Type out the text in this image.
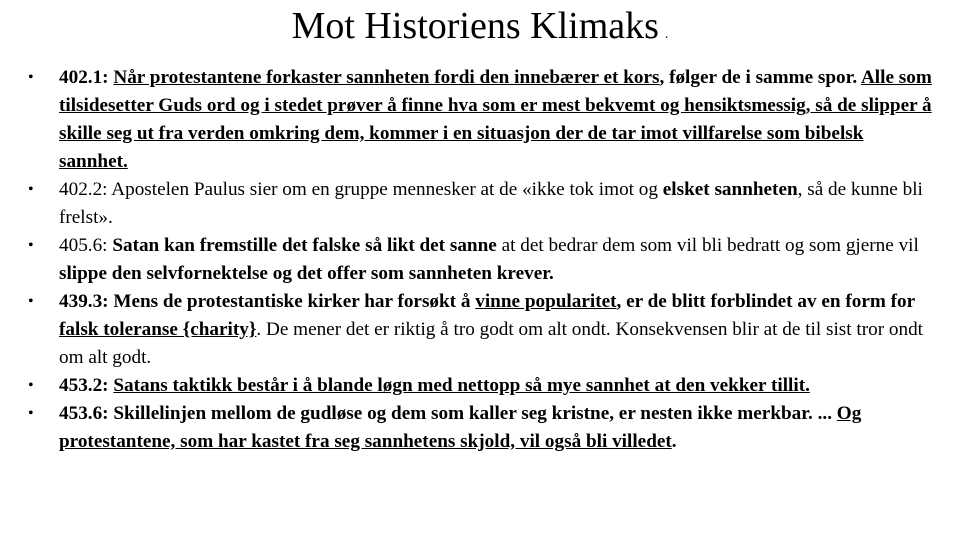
Mot Historiens Klimaks .
• 402.1: Når protestantene forkaster sannheten fordi den innebærer et kors, følger de i samme spor. Alle som tilsidesetter Guds ord og i stedet prøver å finne hva som er mest bekvemt og hensiktsmessig, så de slipper å skille seg ut fra verden omkring dem, kommer i en situasjon der de tar imot villfarelse som bibelsk sannhet.
• 402.2: Apostelen Paulus sier om en gruppe mennesker at de «ikke tok imot og elsket sannheten, så de kunne bli frelst».
• 405.6: Satan kan fremstille det falske så likt det sanne at det bedrar dem som vil bli bedratt og som gjerne vil slippe den selvfornektelse og det offer som sannheten krever.
• 439.3: Mens de protestantiske kirker har forsøkt å vinne popularitet, er de blitt forblindet av en form for falsk toleranse {charity}. De mener det er riktig å tro godt om alt ondt. Konsekvensen blir at de til sist tror ondt om alt godt.
• 453.2: Satans taktikk består i å blande løgn med nettopp så mye sannhet at den vekker tillit.
• 453.6: Skillelinjen mellom de gudløse og dem som kaller seg kristne, er nesten ikke merkbar. ... Og protestantene, som har kastet fra seg sannhetens skjold, vil også bli villedet.
